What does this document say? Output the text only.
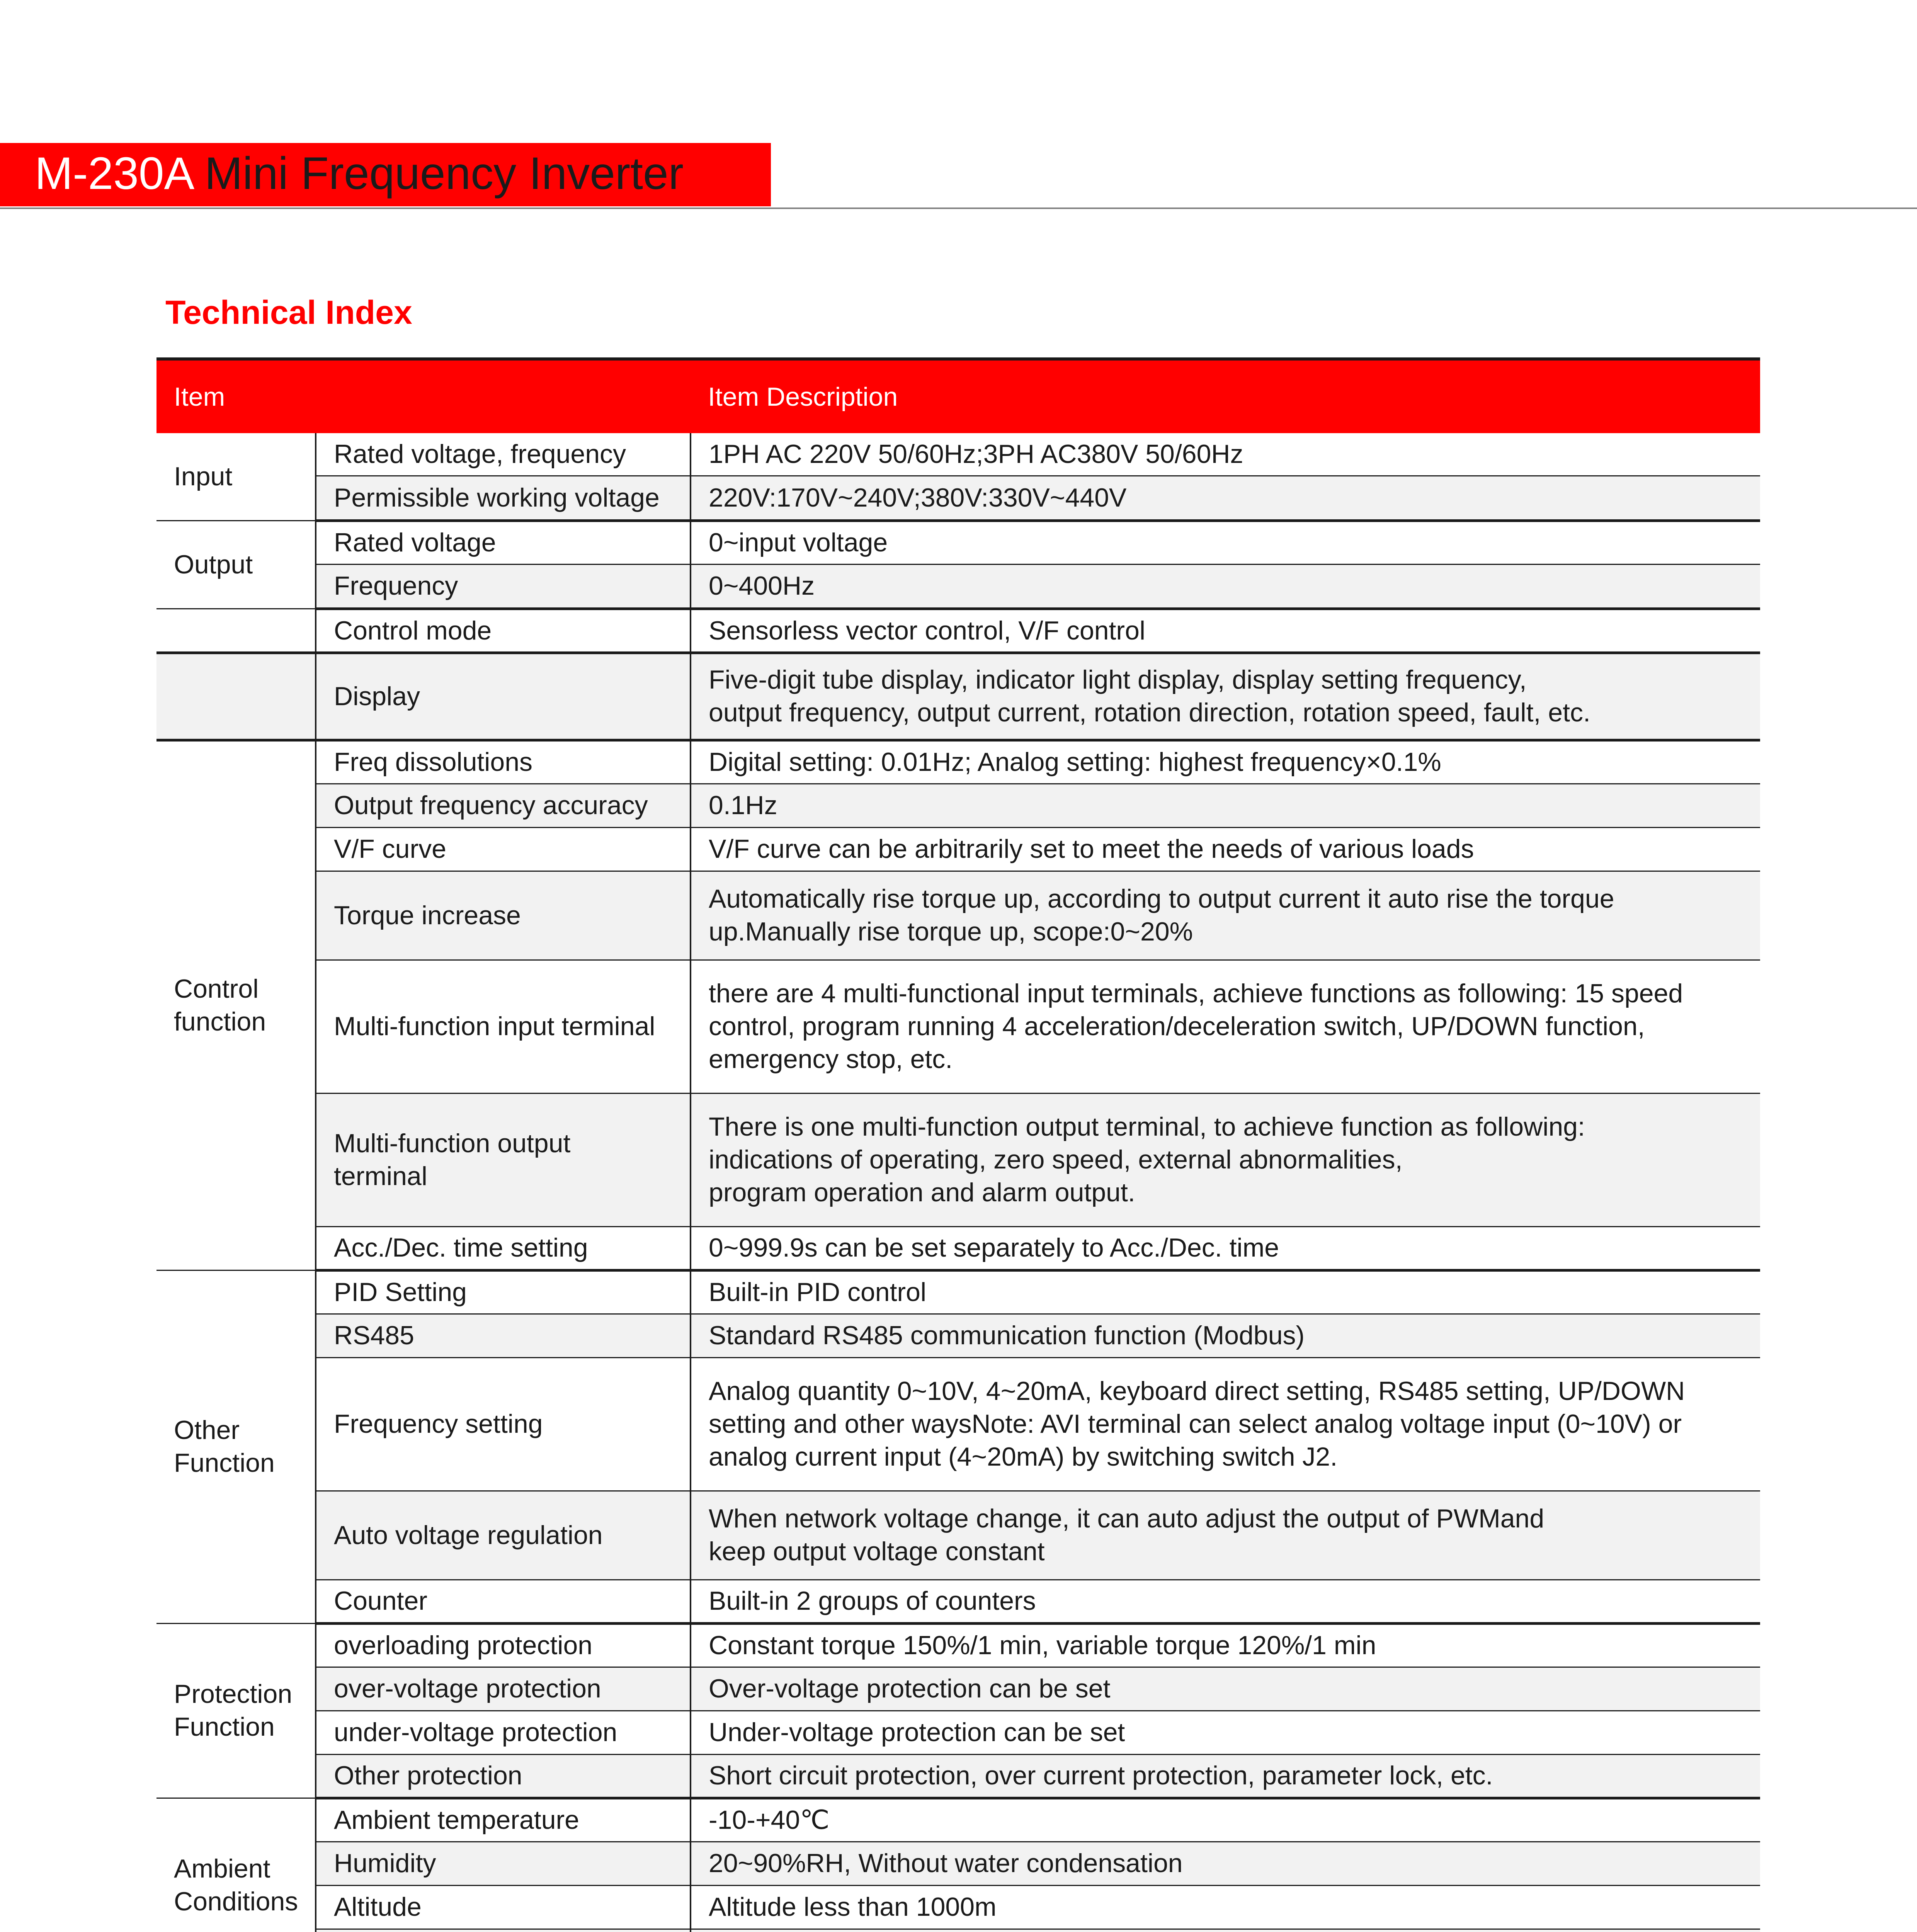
M-230A Mini Frequency Inverter
Technical Index
Item		Item Description
Input	Rated voltage, frequency	1PH AC 220V 50/60Hz;3PH AC380V 50/60Hz
	Permissible working voltage	220V:170V~240V;380V:330V~440V
Output	Rated voltage	0~input voltage
	Frequency	0~400Hz
	Control mode	Sensorless vector control, V/F control
	Display	Five-digit tube display, indicator light display, display setting frequency,
output frequency, output current, rotation direction, rotation speed, fault, etc.
Control
function	Freq dissolutions	Digital setting: 0.01Hz; Analog setting: highest frequency×0.1%
	Output frequency accuracy	0.1Hz
	V/F curve	V/F curve can be arbitrarily set to meet the needs of various loads
	Torque increase	Automatically rise torque up, according to output current it auto rise the torque
up.Manually rise torque up, scope:0~20%
	Multi-function input terminal	there are 4 multi-functional input terminals, achieve functions as following: 15 speed
control, program running 4 acceleration/deceleration switch, UP/DOWN function,
emergency stop, etc.
	Multi-function output
terminal	There is one multi-function output terminal, to achieve function as following:
indications of operating, zero speed, external abnormalities,
program operation and alarm output.
	Acc./Dec. time setting	0~999.9s can be set separately to Acc./Dec. time
Other
Function	PID Setting	Built-in PID control
	RS485	Standard RS485 communication function (Modbus)
	Frequency setting	Analog quantity 0~10V, 4~20mA, keyboard direct setting, RS485 setting, UP/DOWN
setting and other waysNote: AVI terminal can select analog voltage input (0~10V) or
analog current input (4~20mA) by switching switch J2.
	Auto voltage regulation	When network voltage change, it can auto adjust the output of PWMand
keep output voltage constant
	Counter	Built-in 2 groups of counters
Protection
Function	overloading protection	Constant torque 150%/1 min, variable torque 120%/1 min
	over-voltage protection	Over-voltage protection can be set
	under-voltage protection	Under-voltage protection can be set
	Other protection	Short circuit protection, over current protection, parameter lock, etc.
Ambient
Conditions	Ambient temperature	-10-+40℃
	Humidity	20~90%RH, Without water condensation
	Altitude	Altitude less than 1000m
